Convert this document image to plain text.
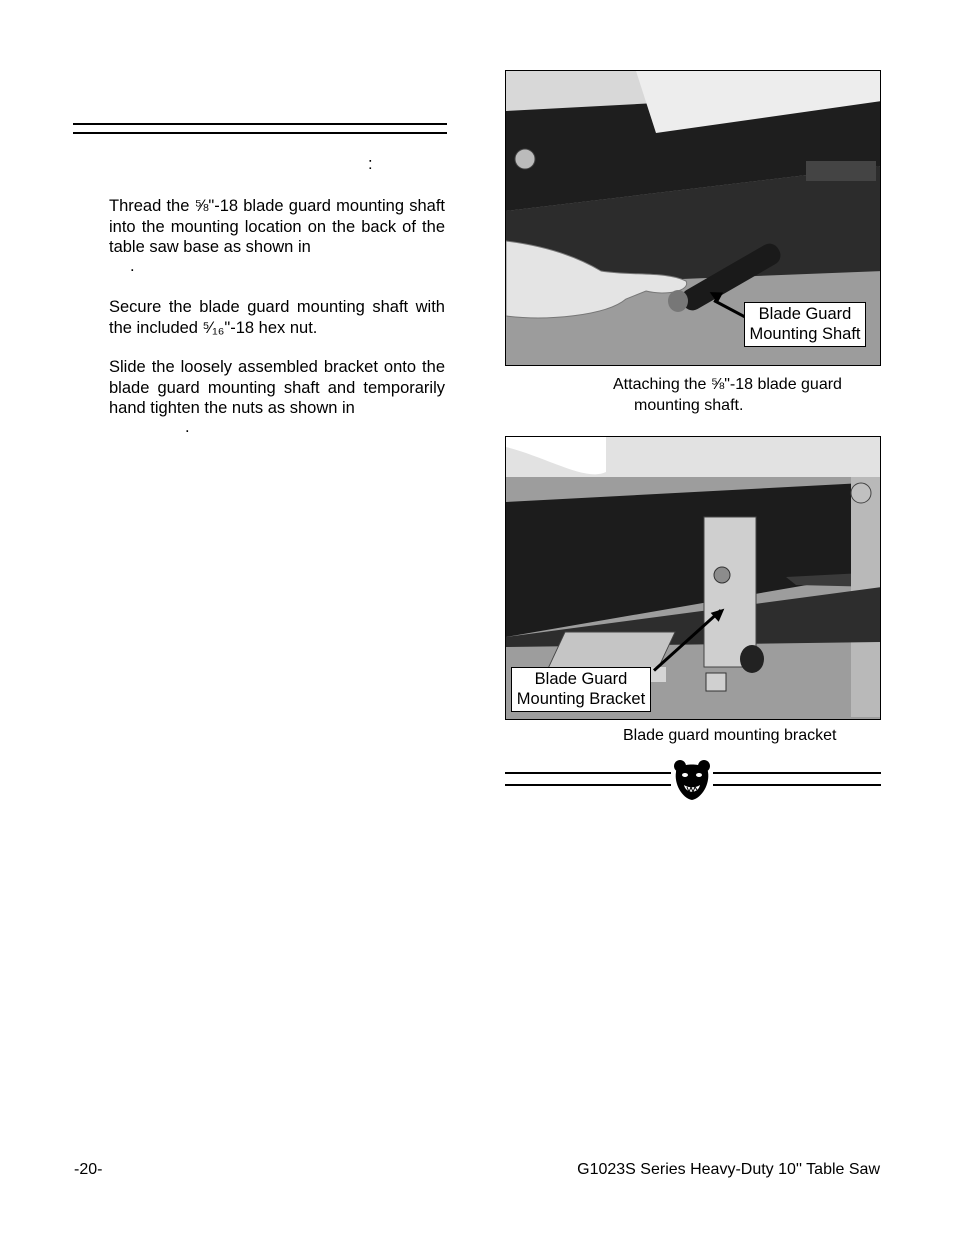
:
Thread the ⅝"-18 blade guard mounting shaft into the mounting location on the back of the table saw base as shown in
.
Secure the blade guard mounting shaft with the included ⁵⁄₁₆"-18 hex nut.
Slide the loosely assembled bracket onto the blade guard mounting shaft and temporarily hand tighten the nuts as shown in
.
Blade Guard
Mounting Shaft
Attaching the ⅝"-18 blade guard
mounting shaft.
Blade Guard
Mounting Bracket
Blade guard mounting bracket
-20-	G1023S Series Heavy-Duty 10'' Table Saw
